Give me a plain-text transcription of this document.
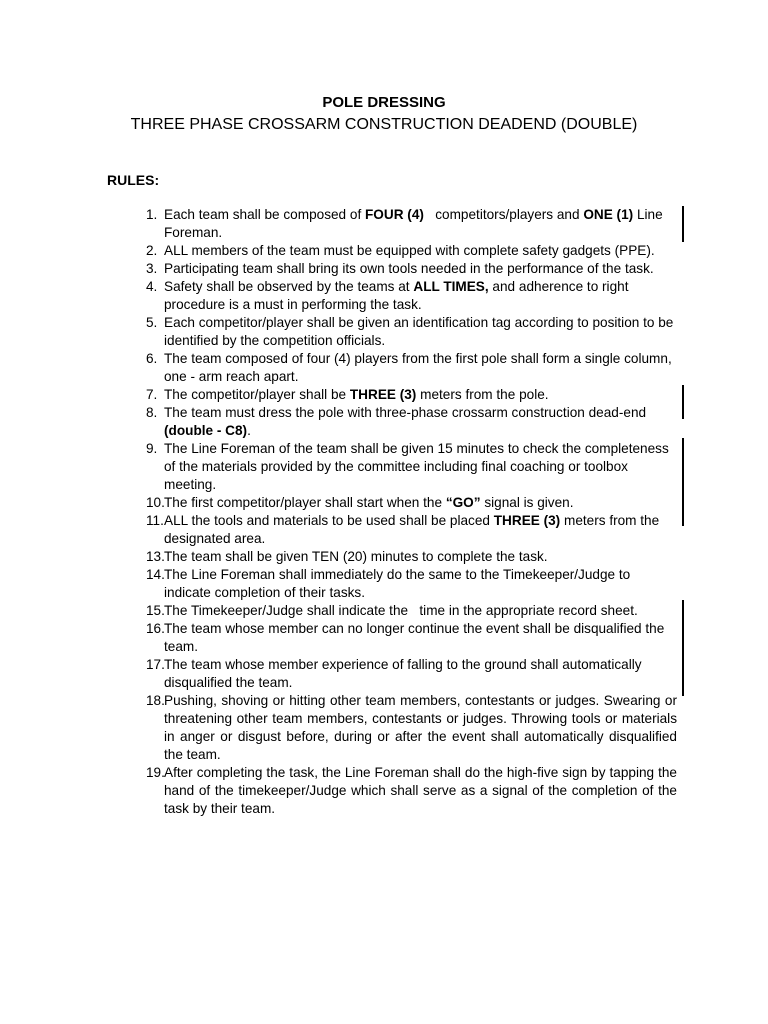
POLE DRESSING
THREE PHASE CROSSARM CONSTRUCTION DEADEND (DOUBLE)
RULES:
1. Each team shall be composed of FOUR (4)   competitors/players and ONE (1) Line Foreman.
2. ALL members of the team must be equipped with complete safety gadgets (PPE).
3. Participating team shall bring its own tools needed in the performance of the task.
4. Safety shall be observed by the teams at ALL TIMES, and adherence to right procedure is a must in performing the task.
5. Each competitor/player shall be given an identification tag according to position to be identified by the competition officials.
6. The team composed of four (4) players from the first pole shall form a single column, one - arm reach apart.
7. The competitor/player shall be THREE (3) meters from the pole.
8. The team must dress the pole with three-phase crossarm construction dead-end (double - C8).
9. The Line Foreman of the team shall be given 15 minutes to check the completeness of the materials provided by the committee including final coaching or toolbox meeting.
10. The first competitor/player shall start when the “GO” signal is given.
11. ALL the tools and materials to be used shall be placed THREE (3) meters from the designated area.
13. The team shall be given TEN (20) minutes to complete the task.
14. The Line Foreman shall immediately do the same to the Timekeeper/Judge to indicate completion of their tasks.
15. The Timekeeper/Judge shall indicate the   time in the appropriate record sheet.
16. The team whose member can no longer continue the event shall be disqualified the team.
17. The team whose member experience of falling to the ground shall automatically disqualified the team.
18. Pushing, shoving or hitting other team members, contestants or judges. Swearing or threatening other team members, contestants or judges. Throwing tools or materials in anger or disgust before, during or after the event shall automatically disqualified the team.
19. After completing the task, the Line Foreman shall do the high-five sign by tapping the hand of the timekeeper/Judge which shall serve as a signal of the completion of the task by their team.
